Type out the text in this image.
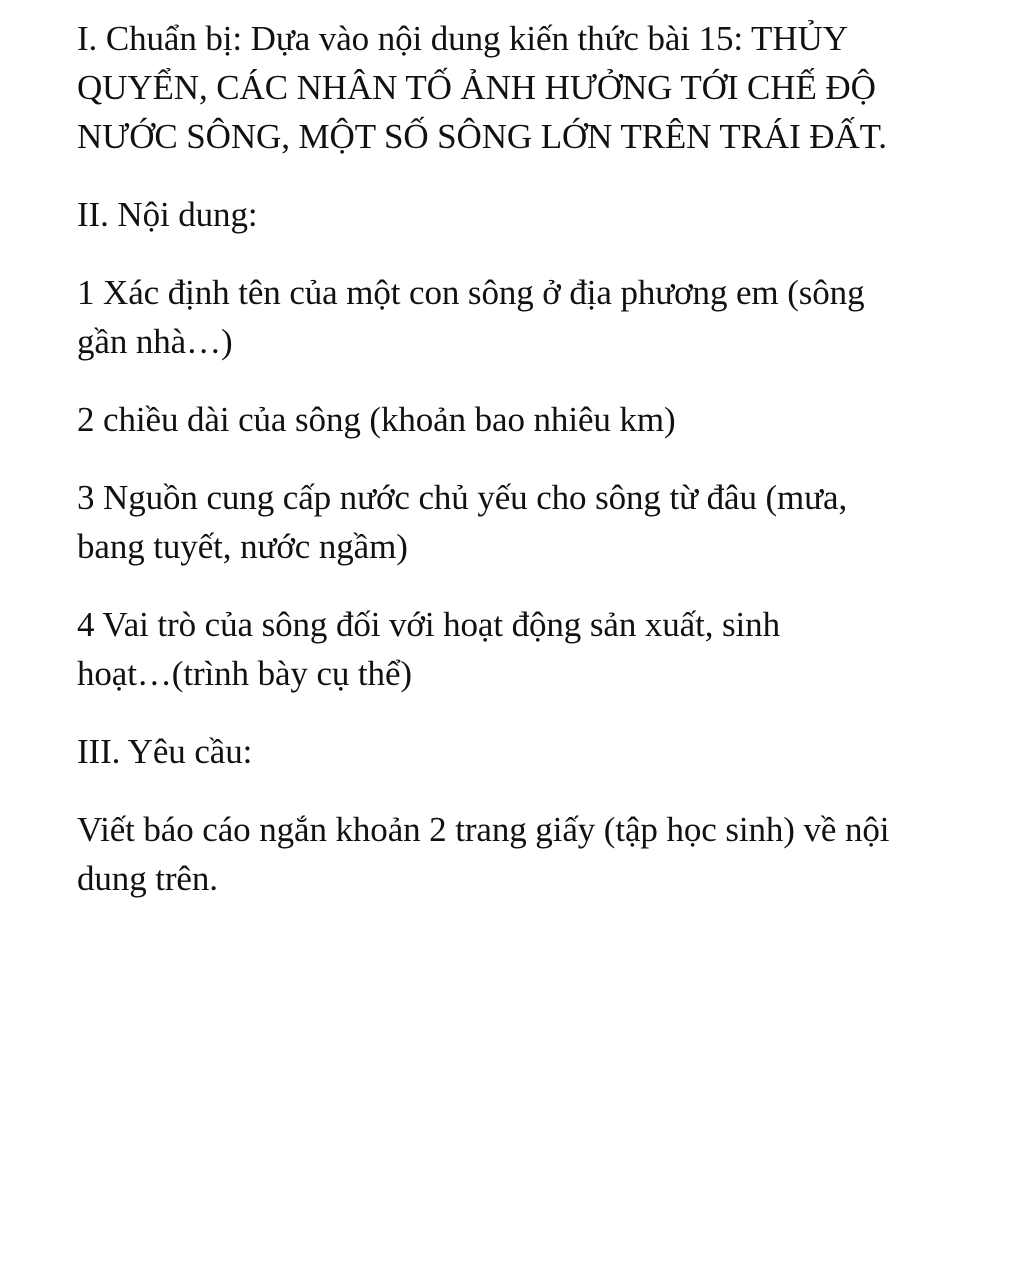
I. Chuẩn bị: Dựa vào nội dung kiến thức bài 15: THỦY
QUYỂN, CÁC NHÂN TỐ ẢNH HƯỞNG TỚI CHẾ ĐỘ
NƯỚC SÔNG, MỘT SỐ SÔNG LỚN TRÊN TRÁI ĐẤT.

II. Nội dung:

1 Xác định tên của một con sông ở địa phương em (sông
gần nhà…)

2 chiều dài của sông (khoản bao nhiêu km)

3 Nguồn cung cấp nước chủ yếu cho sông từ đâu (mưa,
bang tuyết, nước ngầm)

4 Vai trò của sông đối với hoạt động sản xuất, sinh
hoạt…(trình bày cụ thể)

III. Yêu cầu:

Viết báo cáo ngắn khoản 2 trang giấy (tập học sinh) về nội
dung trên.
